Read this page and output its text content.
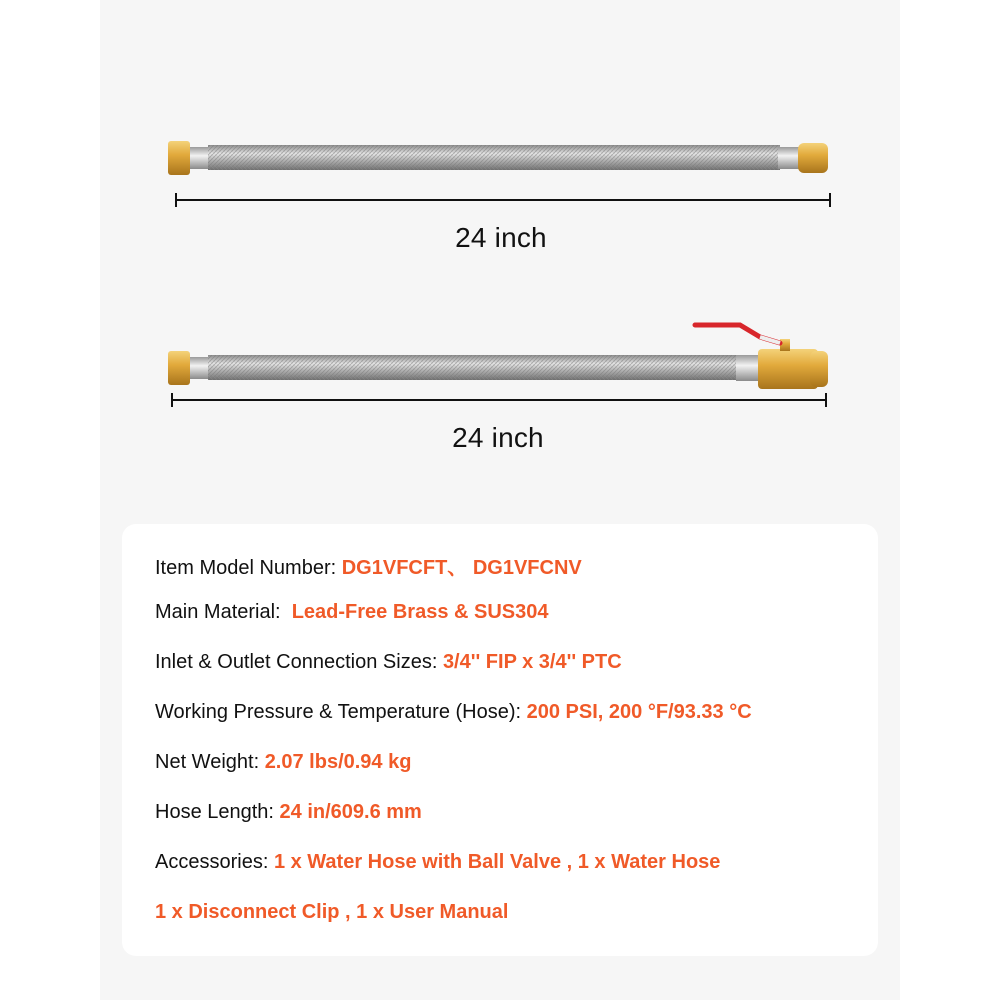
24 inch
24 inch
Item Model Number: DG1VFCFT、 DG1VFCNV
Main Material:  Lead-Free Brass & SUS304
Inlet & Outlet Connection Sizes: 3/4'' FIP x 3/4'' PTC
Working Pressure & Temperature (Hose): 200 PSI, 200 °F/93.33 °C
Net Weight: 2.07 lbs/0.94 kg
Hose Length: 24 in/609.6 mm
Accessories: 1 x Water Hose with Ball Valve , 1 x Water Hose
1 x Disconnect Clip , 1 x User Manual
